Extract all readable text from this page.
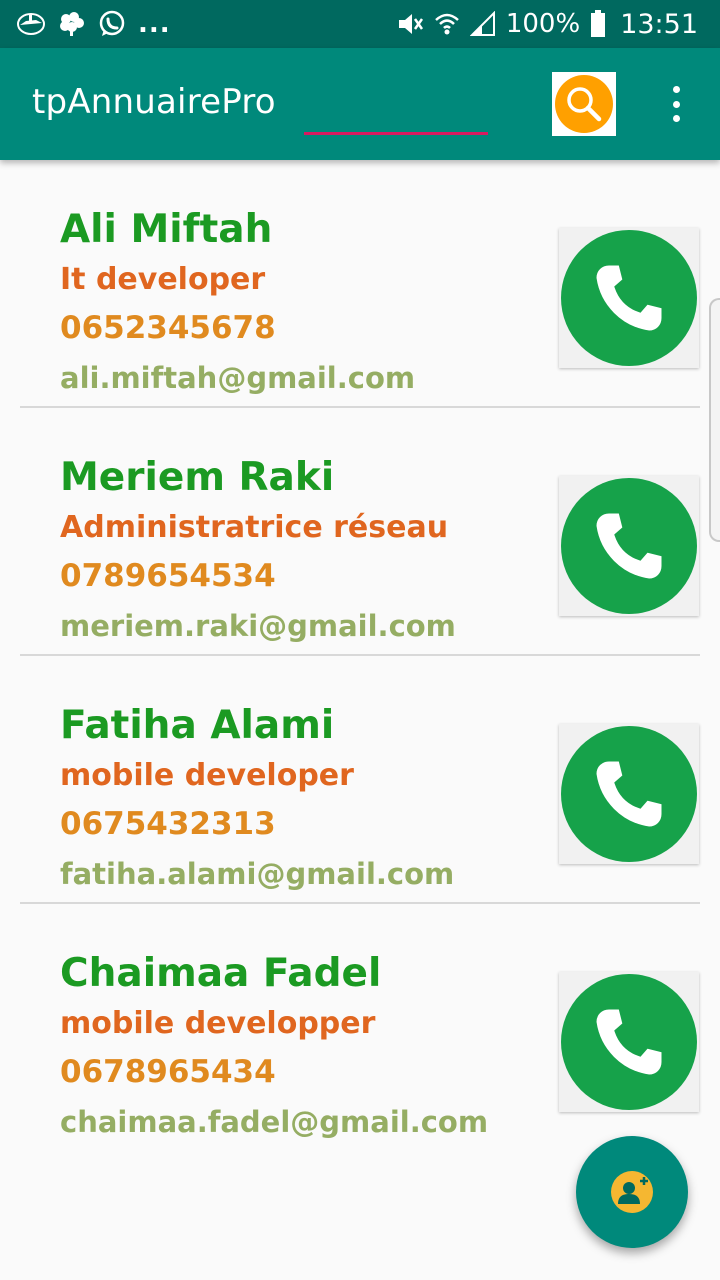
...	100% 13:51
tpAnnuairePro
Ali Miftah
It developer
0652345678
ali.miftah@gmail.com
Meriem Raki
Administratrice réseau
0789654534
meriem.raki@gmail.com
Fatiha Alami
mobile developer
0675432313
fatiha.alami@gmail.com
Chaimaa Fadel
mobile developper
0678965434
chaimaa.fadel@gmail.com
